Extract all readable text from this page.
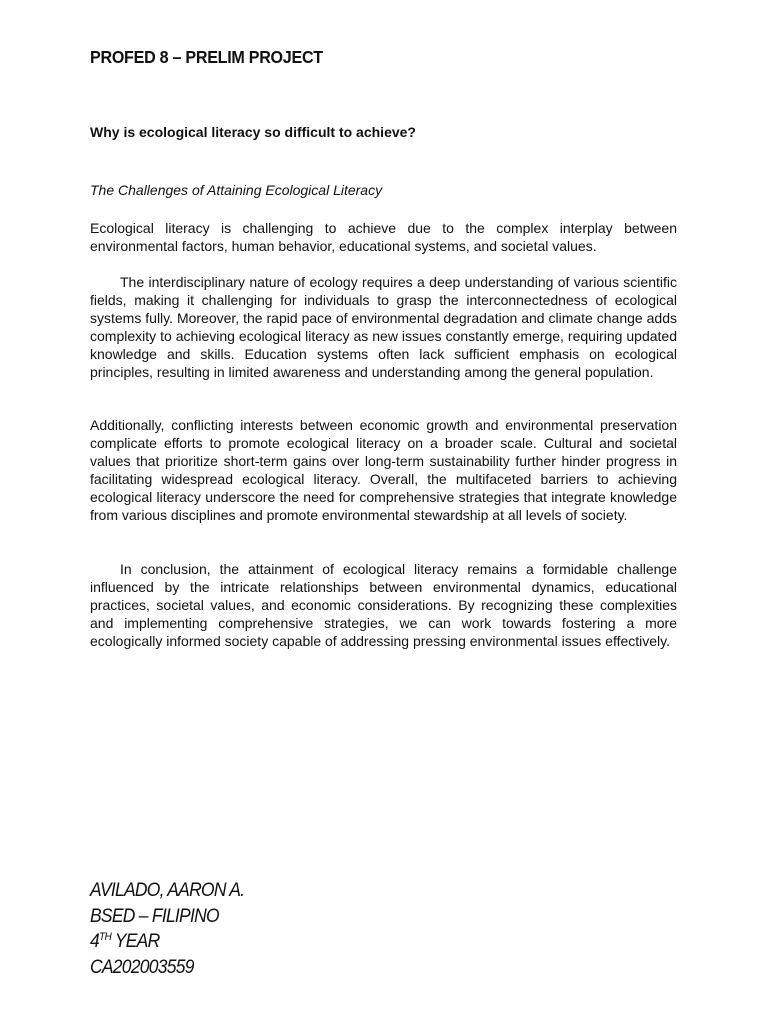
PROFED 8 – PRELIM PROJECT
Why is ecological literacy so difficult to achieve?
The Challenges of Attaining Ecological Literacy

Ecological literacy is challenging to achieve due to the complex interplay between environmental factors, human behavior, educational systems, and societal values.

The interdisciplinary nature of ecology requires a deep understanding of various scientific fields, making it challenging for individuals to grasp the interconnectedness of ecological systems fully. Moreover, the rapid pace of environmental degradation and climate change adds complexity to achieving ecological literacy as new issues constantly emerge, requiring updated knowledge and skills. Education systems often lack sufficient emphasis on ecological principles, resulting in limited awareness and understanding among the general population.

Additionally, conflicting interests between economic growth and environmental preservation complicate efforts to promote ecological literacy on a broader scale. Cultural and societal values that prioritize short-term gains over long-term sustainability further hinder progress in facilitating widespread ecological literacy. Overall, the multifaceted barriers to achieving ecological literacy underscore the need for comprehensive strategies that integrate knowledge from various disciplines and promote environmental stewardship at all levels of society.

In conclusion, the attainment of ecological literacy remains a formidable challenge influenced by the intricate relationships between environmental dynamics, educational practices, societal values, and economic considerations. By recognizing these complexities and implementing comprehensive strategies, we can work towards fostering a more ecologically informed society capable of addressing pressing environmental issues effectively.

AVILADO, AARON A.
BSED – FILIPINO
4TH YEAR
CA202003559
